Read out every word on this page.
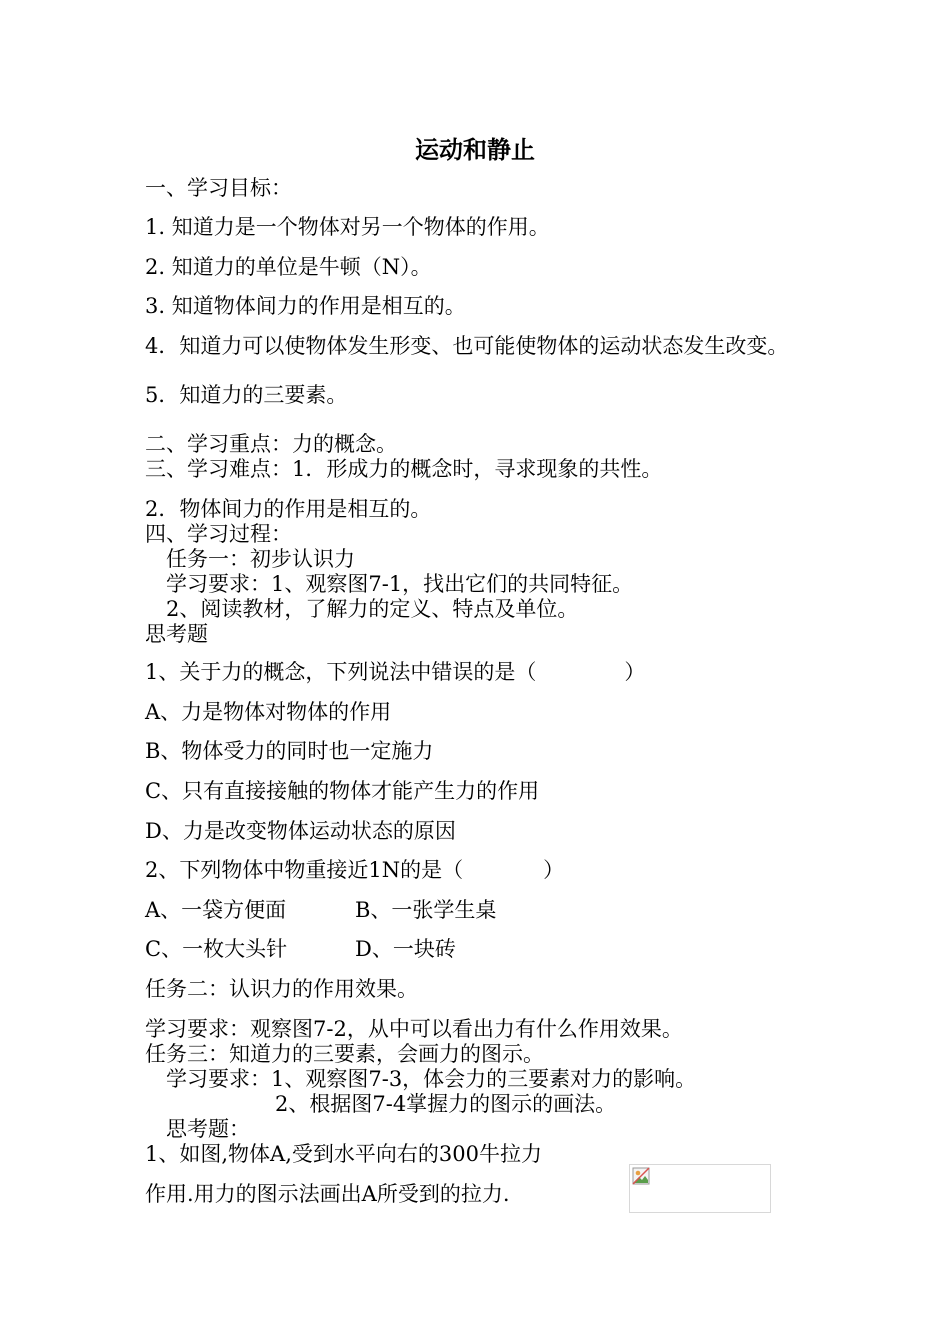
运动和静止
一、学习目标：
1. 知道力是一个物体对另一个物体的作用。
2. 知道力的单位是牛顿（N）。
3. 知道物体间力的作用是相互的。
4．知道力可以使物体发生形变、也可能使物体的运动状态发生改变。
5．知道力的三要素。
二、学习重点：力的概念。
三、学习难点：1．形成力的概念时，寻求现象的共性。
2．物体间力的作用是相互的。
四、学习过程：
任务一：初步认识力
学习要求：1、观察图7-1，找出它们的共同特征。
2、阅读教材，了解力的定义、特点及单位。
思考题
1、关于力的概念，下列说法中错误的是（	）
A、力是物体对物体的作用
B、物体受力的同时也一定施力
C、只有直接接触的物体才能产生力的作用
D、力是改变物体运动状态的原因
2、下列物体中物重接近1N的是（	）
A、一袋方便面	B、一张学生桌
C、一枚大头针	D、一块砖
任务二：认识力的作用效果。
学习要求：观察图7-2，从中可以看出力有什么作用效果。
任务三：知道力的三要素，会画力的图示。
学习要求：1、观察图7-3，体会力的三要素对力的影响。
2、根据图7-4掌握力的图示的画法。
思考题：
1、如图,物体A,受到水平向右的300牛拉力
作用.用力的图示法画出A所受到的拉力.
